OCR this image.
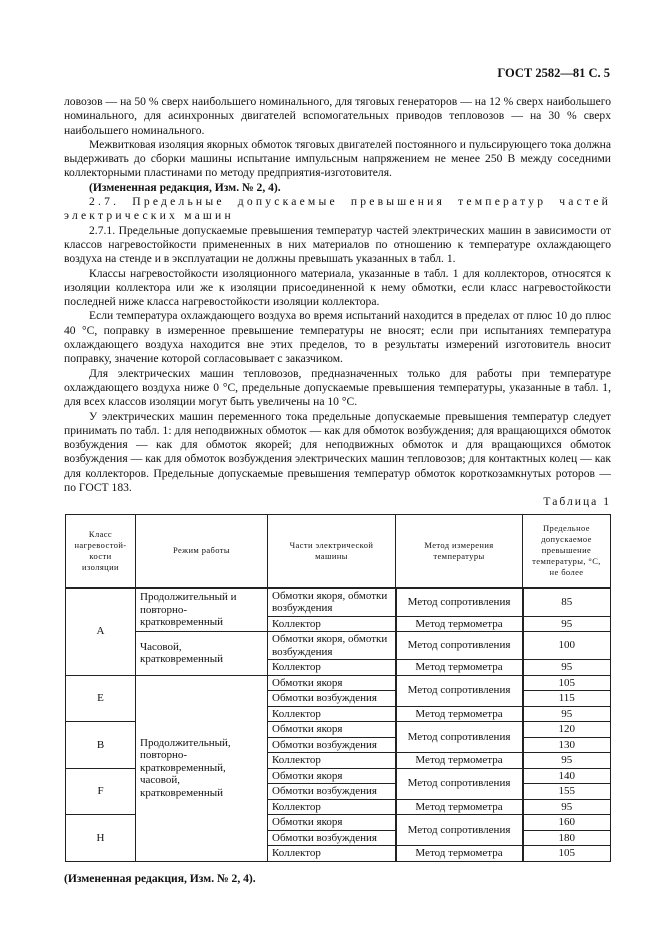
ГОСТ 2582—81 С. 5

ловозов — на 50 % сверх наибольшего номинального, для тяговых генераторов — на 12 % сверх наибольшего номинального, для асинхронных двигателей вспомогательных приводов тепловозов — на 30 % сверх наибольшего номинального.

Межвитковая изоляция якорных обмоток тяговых двигателей постоянного и пульсирующего тока должна выдерживать до сборки машины испытание импульсным напряжением не менее 250 В между соседними коллекторными пластинами по методу предприятия-изготовителя.

(Измененная редакция, Изм. № 2, 4).

2.7. Предельные допускаемые превышения температур частей электрических машин

2.7.1. Предельные допускаемые превышения температур частей электрических машин в зависимости от классов нагревостойкости примененных в них материалов по отношению к температуре охлаждающего воздуха на стенде и в эксплуатации не должны превышать указанных в табл. 1.

Классы нагревостойкости изоляционного материала, указанные в табл. 1 для коллекторов, относятся к изоляции коллектора или же к изоляции присоединенной к нему обмотки, если класс нагревостойкости последней ниже класса нагревостойкости изоляции коллектора.

Если температура охлаждающего воздуха во время испытаний находится в пределах от плюс 10 до плюс 40 °С, поправку в измеренное превышение температуры не вносят; если при испытаниях температура охлаждающего воздуха находится вне этих пределов, то в результаты измерений изготовитель вносит поправку, значение которой согласовывает с заказчиком.

Для электрических машин тепловозов, предназначенных только для работы при температуре охлаждающего воздуха ниже 0 °С, предельные допускаемые превышения температуры, указанные в табл. 1, для всех классов изоляции могут быть увеличены на 10 °С.

У электрических машин переменного тока предельные допускаемые превышения температур следует принимать по табл. 1: для неподвижных обмоток — как для обмоток возбуждения; для вращающихся обмоток возбуждения — как для обмоток якорей; для неподвижных обмоток и для вращающихся обмоток возбуждения — как для обмоток возбуждения электрических машин тепловозов; для контактных колец — как для коллекторов. Предельные допускаемые превышения температур обмоток короткозамкнутых роторов — по ГОСТ 183.

Таблица 1

Класс нагревостой-кости изоляции	Режим работы	Части электрической машины	Метод измерения температуры	Предельное допускаемое превышение температуры, °С, не более
A	Продолжительный и повторно-кратковременный	Обмотки якоря, обмотки возбуждения	Метод сопротивления	85
		Коллектор	Метод термометра	95
	Часовой, кратковременный	Обмотки якоря, обмотки возбуждения	Метод сопротивления	100
		Коллектор	Метод термометра	95
E	Продолжительный, повторно-кратковременный, часовой, кратковременный	Обмотки якоря	Метод сопротивления	105
		Обмотки возбуждения		115
		Коллектор	Метод термометра	95
B		Обмотки якоря	Метод сопротивления	120
		Обмотки возбуждения		130
		Коллектор	Метод термометра	95
F		Обмотки якоря	Метод сопротивления	140
		Обмотки возбуждения		155
		Коллектор	Метод термометра	95
H		Обмотки якоря	Метод сопротивления	160
		Обмотки возбуждения		180
		Коллектор	Метод термометра	105
(Измененная редакция, Изм. № 2, 4).
